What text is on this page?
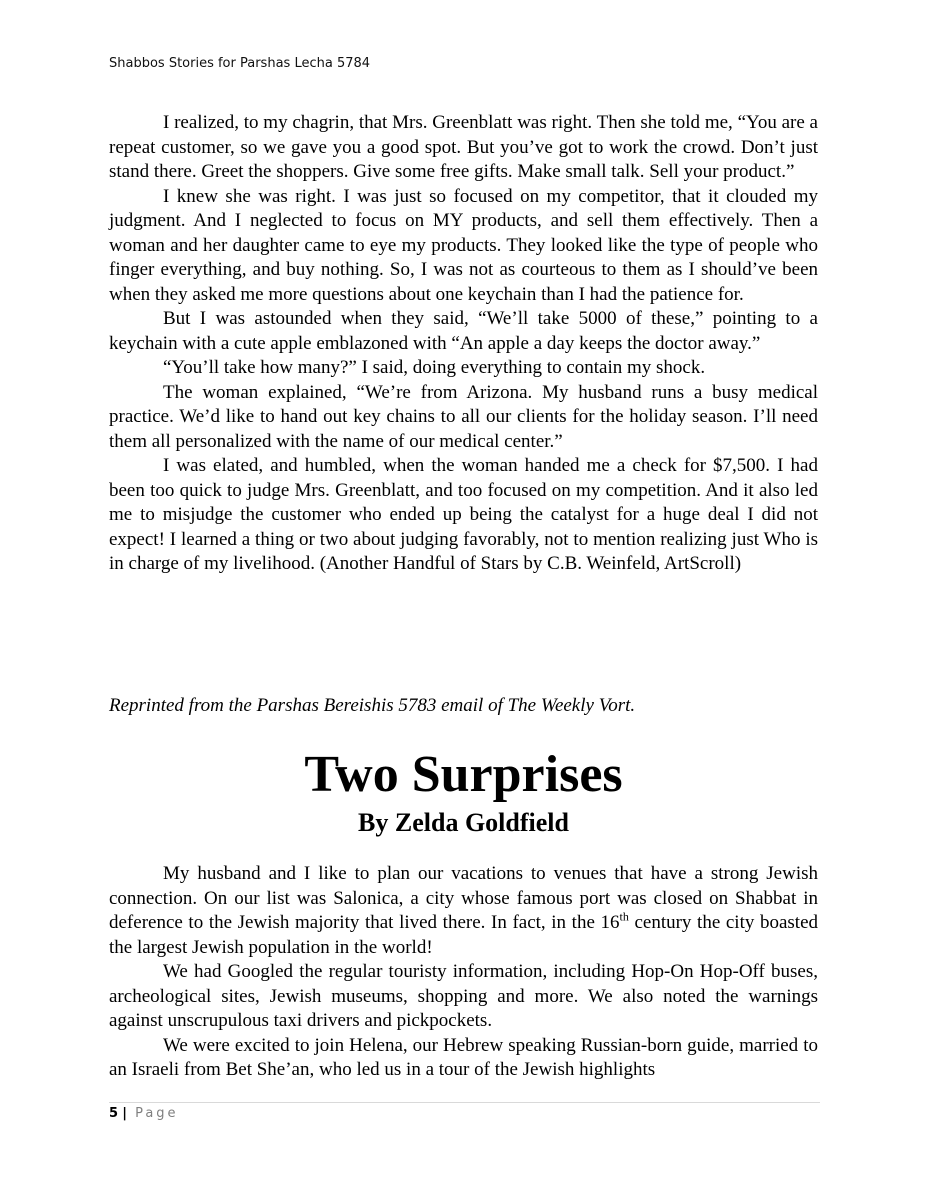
Shabbos Stories for Parshas Lecha 5784

I realized, to my chagrin, that Mrs. Greenblatt was right. Then she told me, “You are a repeat customer, so we gave you a good spot. But you’ve got to work the crowd. Don’t just stand there. Greet the shoppers. Give some free gifts. Make small talk. Sell your product.”

I knew she was right. I was just so focused on my competitor, that it clouded my judgment. And I neglected to focus on MY products, and sell them effectively. Then a woman and her daughter came to eye my products. They looked like the type of people who finger everything, and buy nothing. So, I was not as courteous to them as I should’ve been when they asked me more questions about one keychain than I had the patience for.

But I was astounded when they said, “We’ll take 5000 of these,” pointing to a keychain with a cute apple emblazoned with “An apple a day keeps the doctor away.”

“You’ll take how many?” I said, doing everything to contain my shock.

The woman explained, “We’re from Arizona. My husband runs a busy medical practice. We’d like to hand out key chains to all our clients for the holiday season. I’ll need them all personalized with the name of our medical center.”

I was elated, and humbled, when the woman handed me a check for $7,500. I had been too quick to judge Mrs. Greenblatt, and too focused on my competition. And it also led me to misjudge the customer who ended up being the catalyst for a huge deal I did not expect! I learned a thing or two about judging favorably, not to mention realizing just Who is in charge of my livelihood. (Another Handful of Stars by C.B. Weinfeld, ArtScroll)

Reprinted from the Parshas Bereishis 5783 email of The Weekly Vort.
Two Surprises
By Zelda Goldfield

My husband and I like to plan our vacations to venues that have a strong Jewish connection. On our list was Salonica, a city whose famous port was closed on Shabbat in deference to the Jewish majority that lived there. In fact, in the 16th century the city boasted the largest Jewish population in the world!

We had Googled the regular touristy information, including Hop-On Hop-Off buses, archeological sites, Jewish museums, shopping and more. We also noted the warnings against unscrupulous taxi drivers and pickpockets.

We were excited to join Helena, our Hebrew speaking Russian-born guide, married to an Israeli from Bet She’an, who led us in a tour of the Jewish highlights

5 | Page
